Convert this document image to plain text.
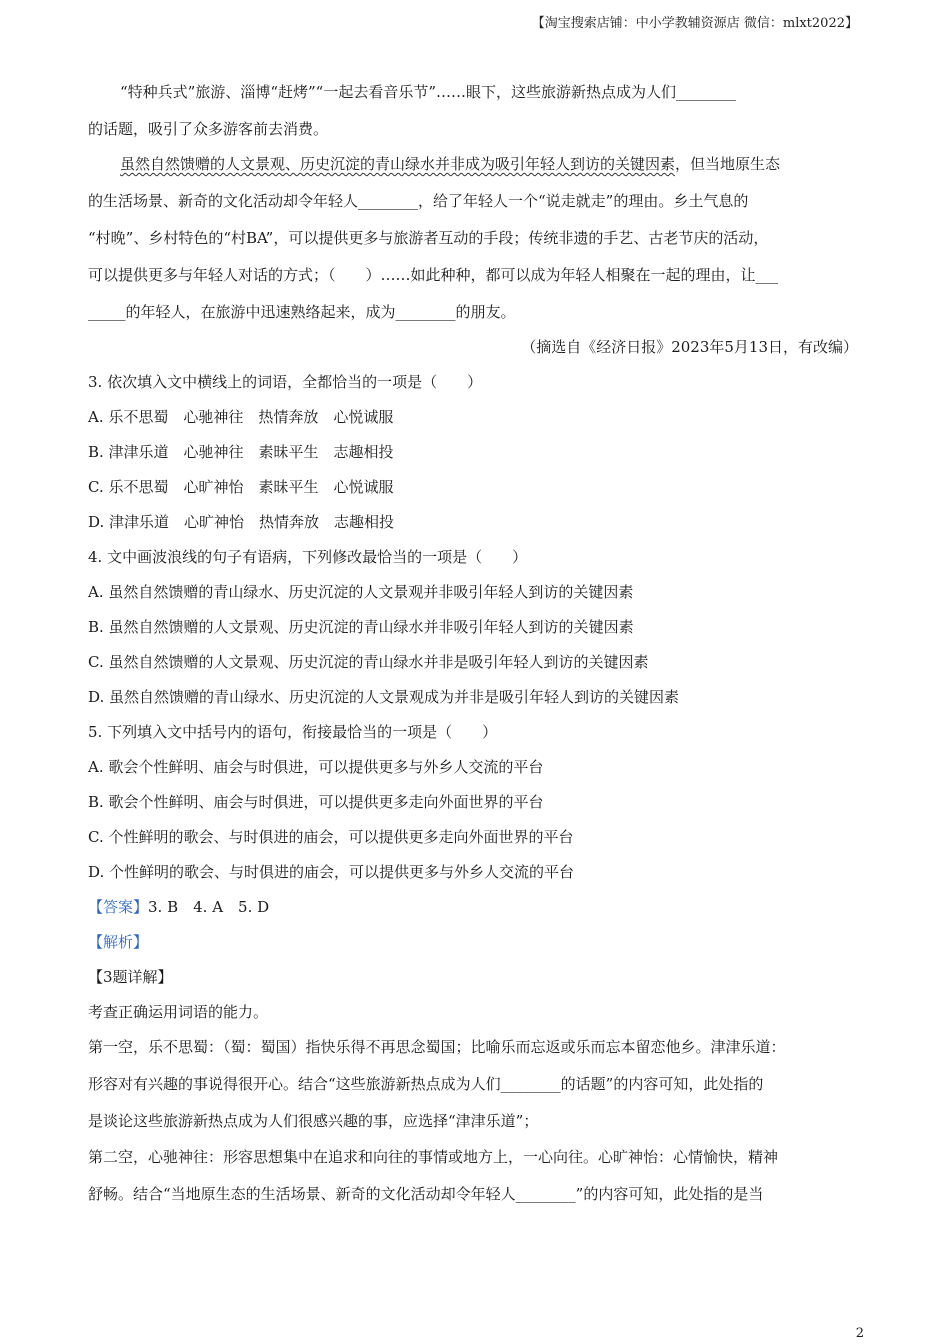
【淘宝搜索店铺：中小学教辅资源店 微信：mlxt2022】
“特种兵式”旅游、淄博“赶烤”“一起去看音乐节”……眼下，这些旅游新热点成为人们________
的话题，吸引了众多游客前去消费。
虽然自然馈赠的人文景观、历史沉淀的青山绿水并非成为吸引年轻人到访的关键因素，但当地原生态
的生活场景、新奇的文化活动却令年轻人________，给了年轻人一个“说走就走”的理由。乡土气息的
“村晚”、乡村特色的“村BA”，可以提供更多与旅游者互动的手段；传统非遗的手艺、古老节庆的活动，
可以提供更多与年轻人对话的方式；（　　）……如此种种，都可以成为年轻人相聚在一起的理由，让___
_____的年轻人，在旅游中迅速熟络起来，成为________的朋友。
（摘选自《经济日报》2023年5月13日，有改编）
3. 依次填入文中横线上的词语，全都恰当的一项是（　　）
A. 乐不思蜀　心驰神往　热情奔放　心悦诚服
B. 津津乐道　心驰神往　素昧平生　志趣相投
C. 乐不思蜀　心旷神怡　素昧平生　心悦诚服
D. 津津乐道　心旷神怡　热情奔放　志趣相投
4. 文中画波浪线的句子有语病，下列修改最恰当的一项是（　　）
A. 虽然自然馈赠的青山绿水、历史沉淀的人文景观并非吸引年轻人到访的关键因素
B. 虽然自然馈赠的人文景观、历史沉淀的青山绿水并非吸引年轻人到访的关键因素
C. 虽然自然馈赠的人文景观、历史沉淀的青山绿水并非是吸引年轻人到访的关键因素
D. 虽然自然馈赠的青山绿水、历史沉淀的人文景观成为并非是吸引年轻人到访的关键因素
5. 下列填入文中括号内的语句，衔接最恰当的一项是（　　）
A. 歌会个性鲜明、庙会与时俱进，可以提供更多与外乡人交流的平台
B. 歌会个性鲜明、庙会与时俱进，可以提供更多走向外面世界的平台
C. 个性鲜明的歌会、与时俱进的庙会，可以提供更多走向外面世界的平台
D. 个性鲜明的歌会、与时俱进的庙会，可以提供更多与外乡人交流的平台
【答案】3. B　4. A　5. D
【解析】
【3题详解】
考查正确运用词语的能力。
第一空，乐不思蜀：（蜀：蜀国）指快乐得不再思念蜀国；比喻乐而忘返或乐而忘本留恋他乡。津津乐道：
形容对有兴趣的事说得很开心。结合“这些旅游新热点成为人们________的话题”的内容可知，此处指的
是谈论这些旅游新热点成为人们很感兴趣的事，应选择“津津乐道”；
第二空，心驰神往：形容思想集中在追求和向往的事情或地方上，一心向往。心旷神怡：心情愉快，精神
舒畅。结合“当地原生态的生活场景、新奇的文化活动却令年轻人________”的内容可知，此处指的是当
2
